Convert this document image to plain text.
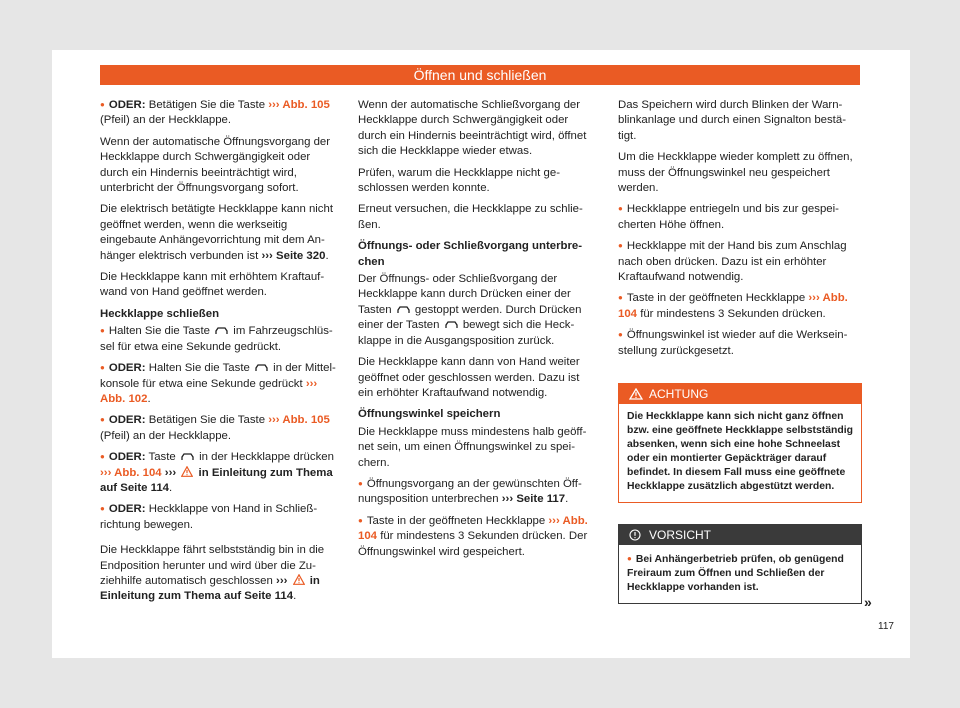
Öffnen und schließen

● ODER: Betätigen Sie die Taste ››› Abb. 105 (Pfeil) an der Heckklappe.

Wenn der automatische Öffnungsvorgang der Heckklappe durch Schwergängigkeit oder durch ein Hindernis beeinträchtigt wird, unterbricht der Öffnungsvorgang sofort.

Die elektrisch betätigte Heckklappe kann nicht geöffnet werden, wenn die werkseitig eingebaute Anhängevorrichtung mit dem Anhänger elektrisch verbunden ist ››› Seite 320.

Die Heckklappe kann mit erhöhtem Kraftaufwand von Hand geöffnet werden.

Heckklappe schließen

● Halten Sie die Taste im Fahrzeugschlüssel für etwa eine Sekunde gedrückt.

● ODER: Halten Sie die Taste in der Mittelkonsole für etwa eine Sekunde gedrückt ››› Abb. 102.

● ODER: Betätigen Sie die Taste ››› Abb. 105 (Pfeil) an der Heckklappe.

● ODER: Taste in der Heckklappe drücken ››› Abb. 104 ››› in Einleitung zum Thema auf Seite 114.

● ODER: Heckklappe von Hand in Schließrichtung bewegen.

Die Heckklappe fährt selbstständig bin in die Endposition herunter und wird über die Zuziehhilfe automatisch geschlossen ››› in Einleitung zum Thema auf Seite 114.

Wenn der automatische Schließvorgang der Heckklappe durch Schwergängigkeit oder durch ein Hindernis beeinträchtigt wird, öffnet sich die Heckklappe wieder etwas.

Prüfen, warum die Heckklappe nicht geschlossen werden konnte.

Erneut versuchen, die Heckklappe zu schließen.

Öffnungs- oder Schließvorgang unterbrechen

Der Öffnungs- oder Schließvorgang der Heckklappe kann durch Drücken einer der Tasten gestoppt werden. Durch Drücken einer der Tasten bewegt sich die Heckklappe in die Ausgangsposition zurück.

Die Heckklappe kann dann von Hand weiter geöffnet oder geschlossen werden. Dazu ist ein erhöhter Kraftaufwand notwendig.

Öffnungswinkel speichern

Die Heckklappe muss mindestens halb geöffnet sein, um einen Öffnungswinkel zu speichern.

● Öffnungsvorgang an der gewünschten Öffnungsposition unterbrechen ››› Seite 117.

● Taste in der geöffneten Heckklappe ››› Abb. 104 für mindestens 3 Sekunden drücken. Der Öffnungswinkel wird gespeichert.

Das Speichern wird durch Blinken der Warnblinkanlage und durch einen Signalton bestätigt.

Um die Heckklappe wieder komplett zu öffnen, muss der Öffnungswinkel neu gespeichert werden.

● Heckklappe entriegeln und bis zur gespeicherten Höhe öffnen.

● Heckklappe mit der Hand bis zum Anschlag nach oben drücken. Dazu ist ein erhöhter Kraftaufwand notwendig.

● Taste in der geöffneten Heckklappe ››› Abb. 104 für mindestens 3 Sekunden drücken.

● Öffnungswinkel ist wieder auf die Werkseinstellung zurückgesetzt.

ACHTUNG
Die Heckklappe kann sich nicht ganz öffnen bzw. eine geöffnete Heckklappe selbstständig absenken, wenn sich eine hohe Schneelast oder ein montierter Gepäckträger darauf befindet. In diesem Fall muss eine geöffnete Heckklappe zusätzlich abgestützt werden.
VORSICHT
● Bei Anhängerbetrieb prüfen, ob genügend Freiraum zum Öffnen und Schließen der Heckklappe vorhanden ist.
»
117
